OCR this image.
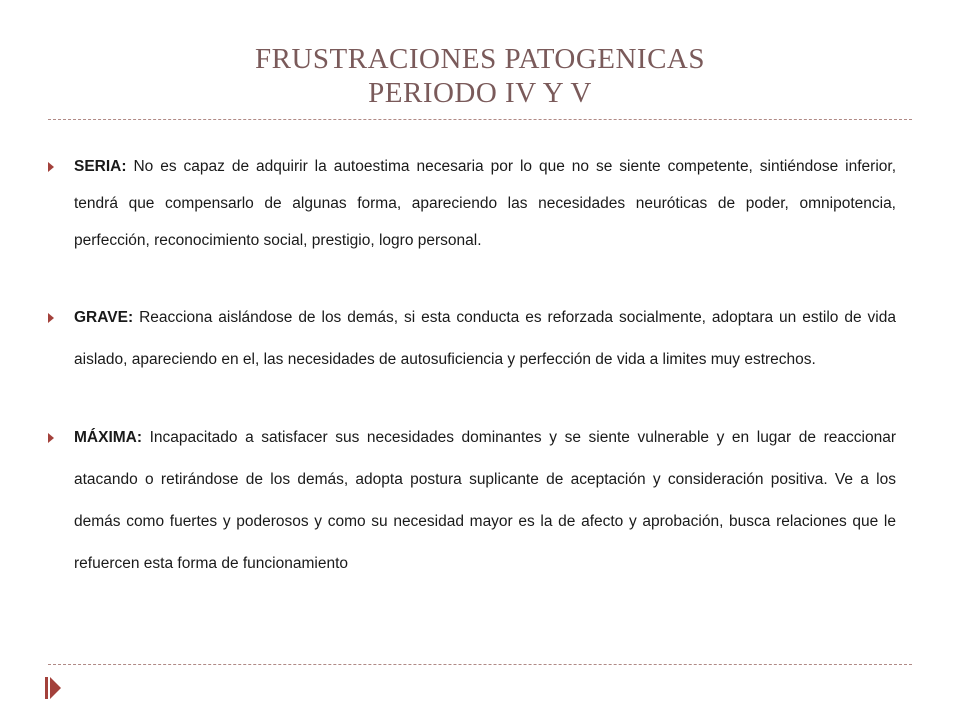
FRUSTRACIONES PATOGENICAS
PERIODO IV Y V
SERIA: No es capaz de adquirir la autoestima necesaria por lo que no se siente competente, sintiéndose inferior, tendrá que compensarlo de algunas forma, apareciendo las necesidades neuróticas de poder, omnipotencia, perfección, reconocimiento social, prestigio, logro personal.
GRAVE: Reacciona aislándose de los demás, si esta conducta es reforzada socialmente, adoptara un estilo de vida aislado, apareciendo en el, las necesidades de autosuficiencia y perfección de vida a limites muy estrechos.
MÁXIMA: Incapacitado a satisfacer sus necesidades dominantes y se siente vulnerable y en lugar de reaccionar atacando o retirándose de los demás, adopta postura suplicante de aceptación y consideración positiva. Ve a los demás como fuertes y poderosos y como su necesidad mayor es la de afecto y aprobación, busca relaciones que le refuercen esta forma de funcionamiento
